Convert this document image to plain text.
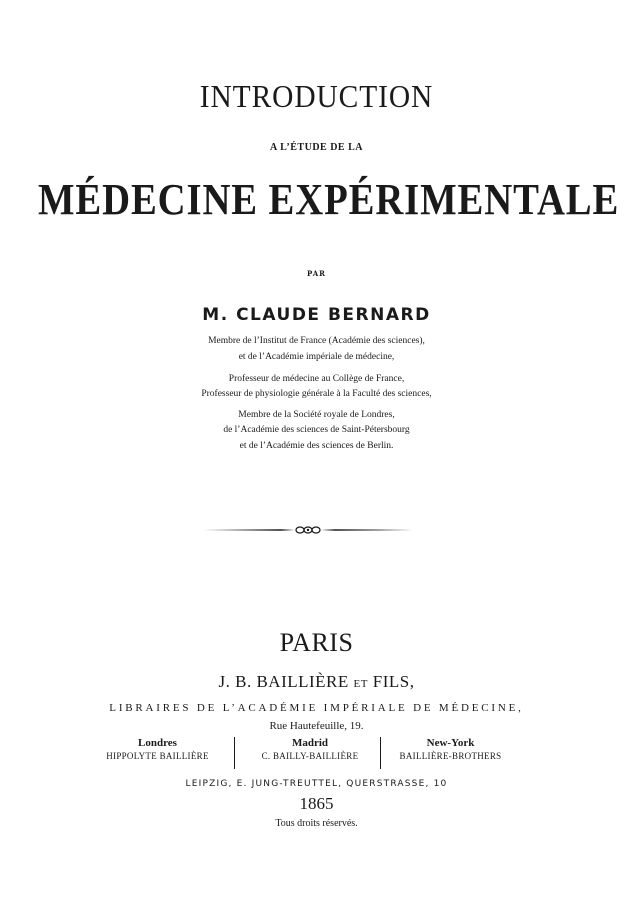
INTRODUCTION
A L’ÉTUDE DE LA
MÉDECINE EXPÉRIMENTALE
PAR
M. CLAUDE BERNARD
Membre de l’Institut de France (Académie des sciences),
et de l’Académie impériale de médecine,
Professeur de médecine au Collège de France,
Professeur de physiologie générale à la Faculté des sciences,
Membre de la Société royale de Londres,
de l’Académie des sciences de Saint-Pétersbourg
et de l’Académie des sciences de Berlin.
PARIS
J. B. BAILLIÈRE ET FILS,
LIBRAIRES DE L’ACADÉMIE IMPÉRIALE DE MÉDECINE,
Rue Hautefeuille, 19.
Londres
HIPPOLYTE BAILLIÈRE
Madrid
C. BAILLY-BAILLIÈRE
New-York
BAILLIÈRE-BROTHERS
LEIPZIG, E. JUNG-TREUTTEL, QUERSTRASSE, 10
1865
Tous droits réservés.
